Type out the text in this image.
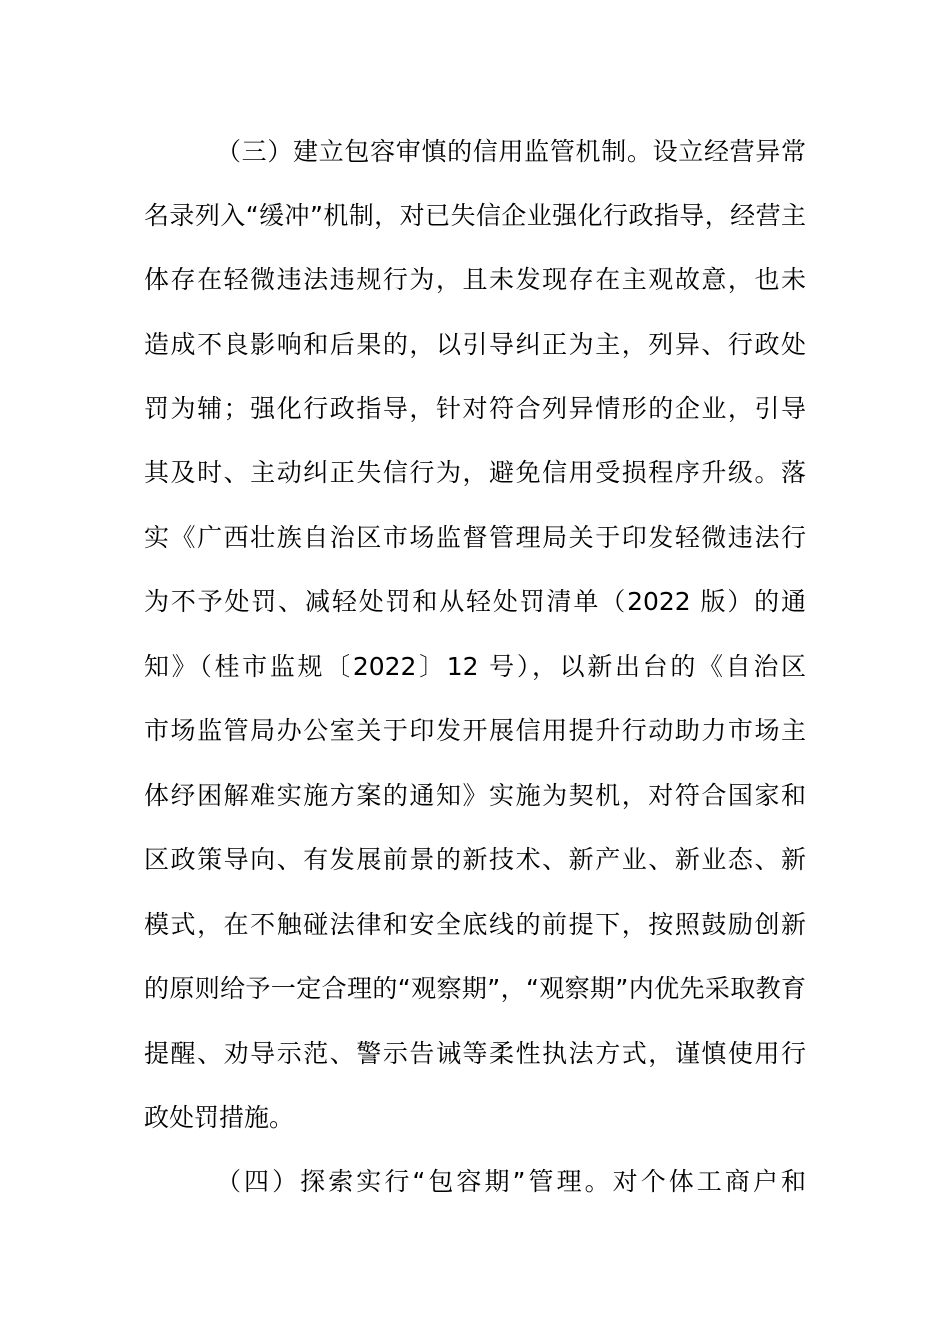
（三）建立包容审慎的信用监管机制。设立经营异常
名录列入“缓冲”机制，对已失信企业强化行政指导，经营主
体存在轻微违法违规行为，且未发现存在主观故意，也未
造成不良影响和后果的，以引导纠正为主，列异、行政处
罚为辅；强化行政指导，针对符合列异情形的企业，引导
其及时、主动纠正失信行为，避免信用受损程序升级。落
实《广西壮族自治区市场监督管理局关于印发轻微违法行
为不予处罚、减轻处罚和从轻处罚清单（2022 版）的通
知》（桂市监规〔2022〕12 号），以新出台的《自治区
市场监管局办公室关于印发开展信用提升行动助力市场主
体纾困解难实施方案的通知》实施为契机，对符合国家和
区政策导向、有发展前景的新技术、新产业、新业态、新
模式，在不触碰法律和安全底线的前提下，按照鼓励创新
的原则给予一定合理的“观察期”，“观察期”内优先采取教育
提醒、劝导示范、警示告诫等柔性执法方式，谨慎使用行
政处罚措施。
（四）探索实行“包容期”管理。对个体工商户和
